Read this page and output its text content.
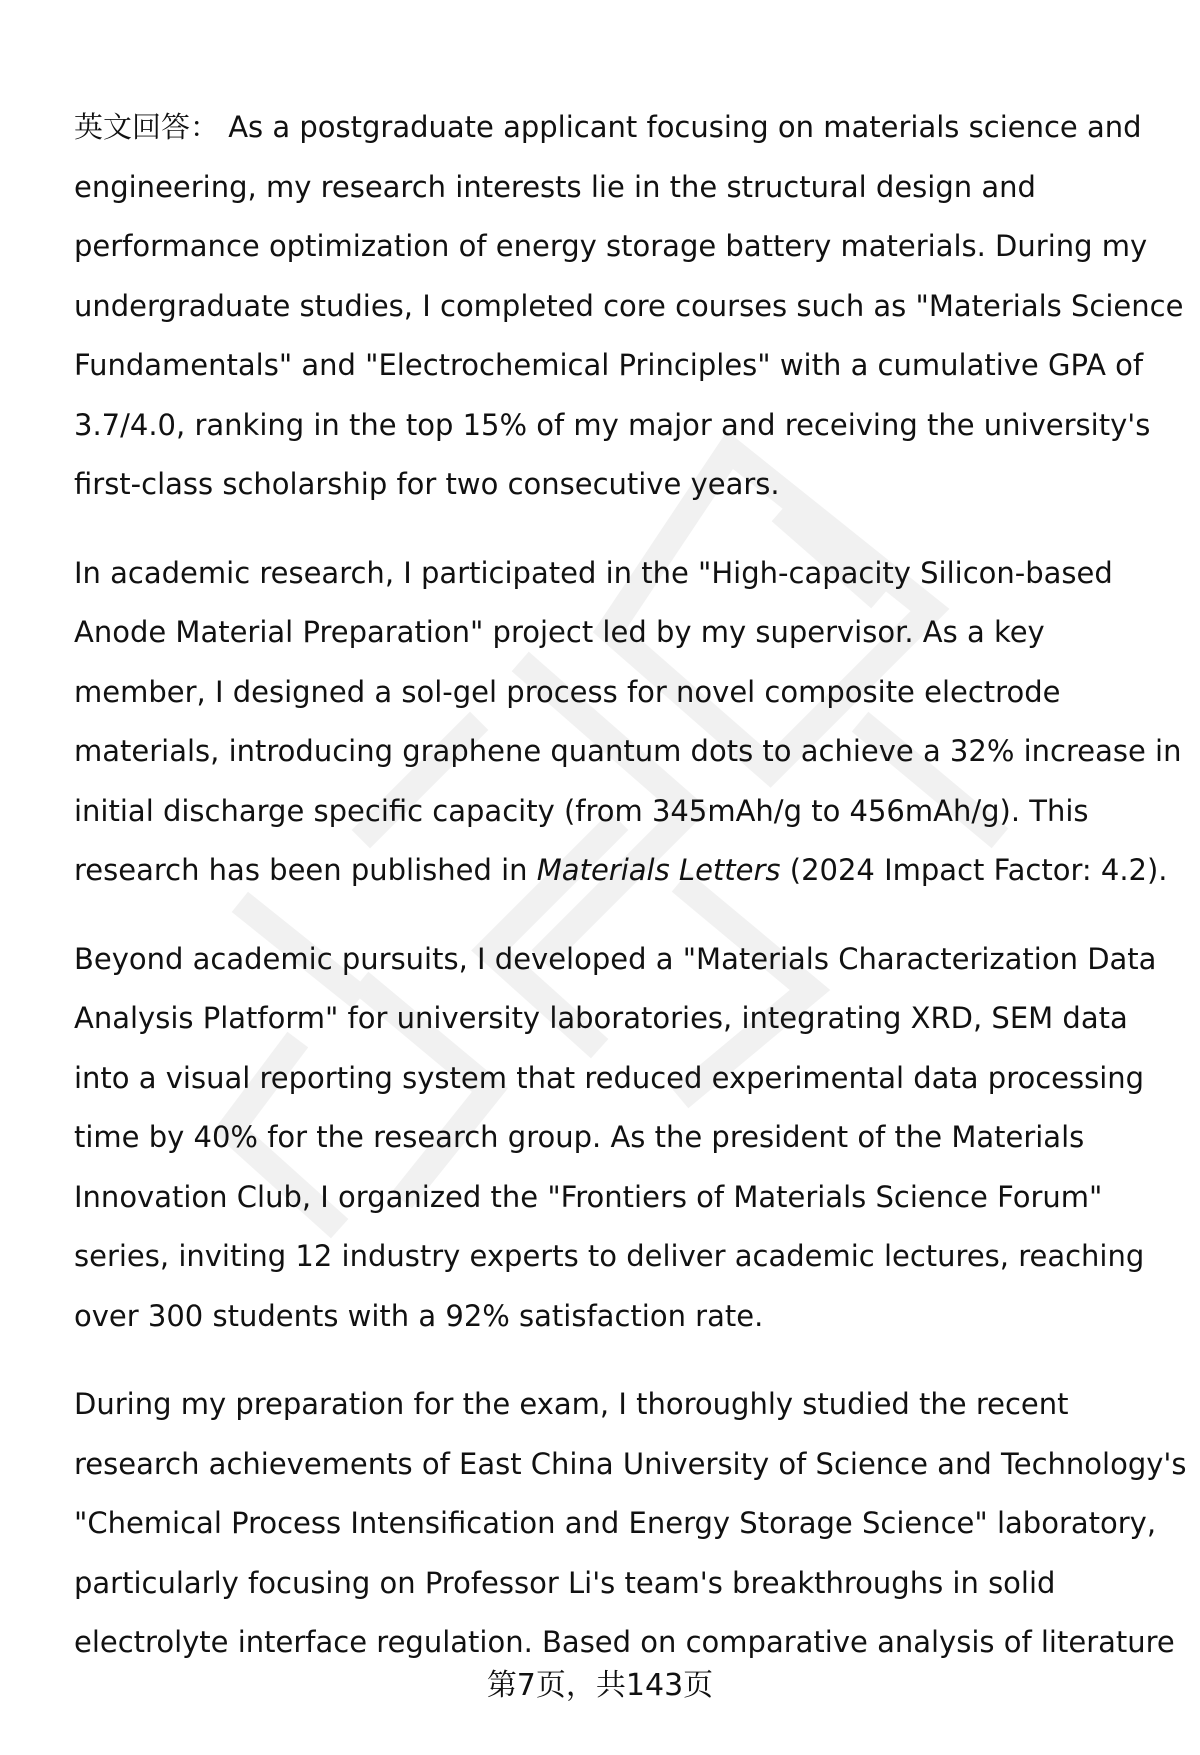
英文回答： As a postgraduate applicant focusing on materials science and
engineering, my research interests lie in the structural design and
performance optimization of energy storage battery materials. During my
undergraduate studies, I completed core courses such as "Materials Science
Fundamentals" and "Electrochemical Principles" with a cumulative GPA of
3.7/4.0, ranking in the top 15% of my major and receiving the university's
first-class scholarship for two consecutive years.

In academic research, I participated in the "High-capacity Silicon-based
Anode Material Preparation" project led by my supervisor. As a key
member, I designed a sol-gel process for novel composite electrode
materials, introducing graphene quantum dots to achieve a 32% increase in
initial discharge specific capacity (from 345mAh/g to 456mAh/g). This
research has been published in Materials Letters (2024 Impact Factor: 4.2).

Beyond academic pursuits, I developed a "Materials Characterization Data
Analysis Platform" for university laboratories, integrating XRD, SEM data
into a visual reporting system that reduced experimental data processing
time by 40% for the research group. As the president of the Materials
Innovation Club, I organized the "Frontiers of Materials Science Forum"
series, inviting 12 industry experts to deliver academic lectures, reaching
over 300 students with a 92% satisfaction rate.

During my preparation for the exam, I thoroughly studied the recent
research achievements of East China University of Science and Technology's
"Chemical Process Intensification and Energy Storage Science" laboratory,
particularly focusing on Professor Li's team's breakthroughs in solid
electrolyte interface regulation. Based on comparative analysis of literature

第7页，共143页
